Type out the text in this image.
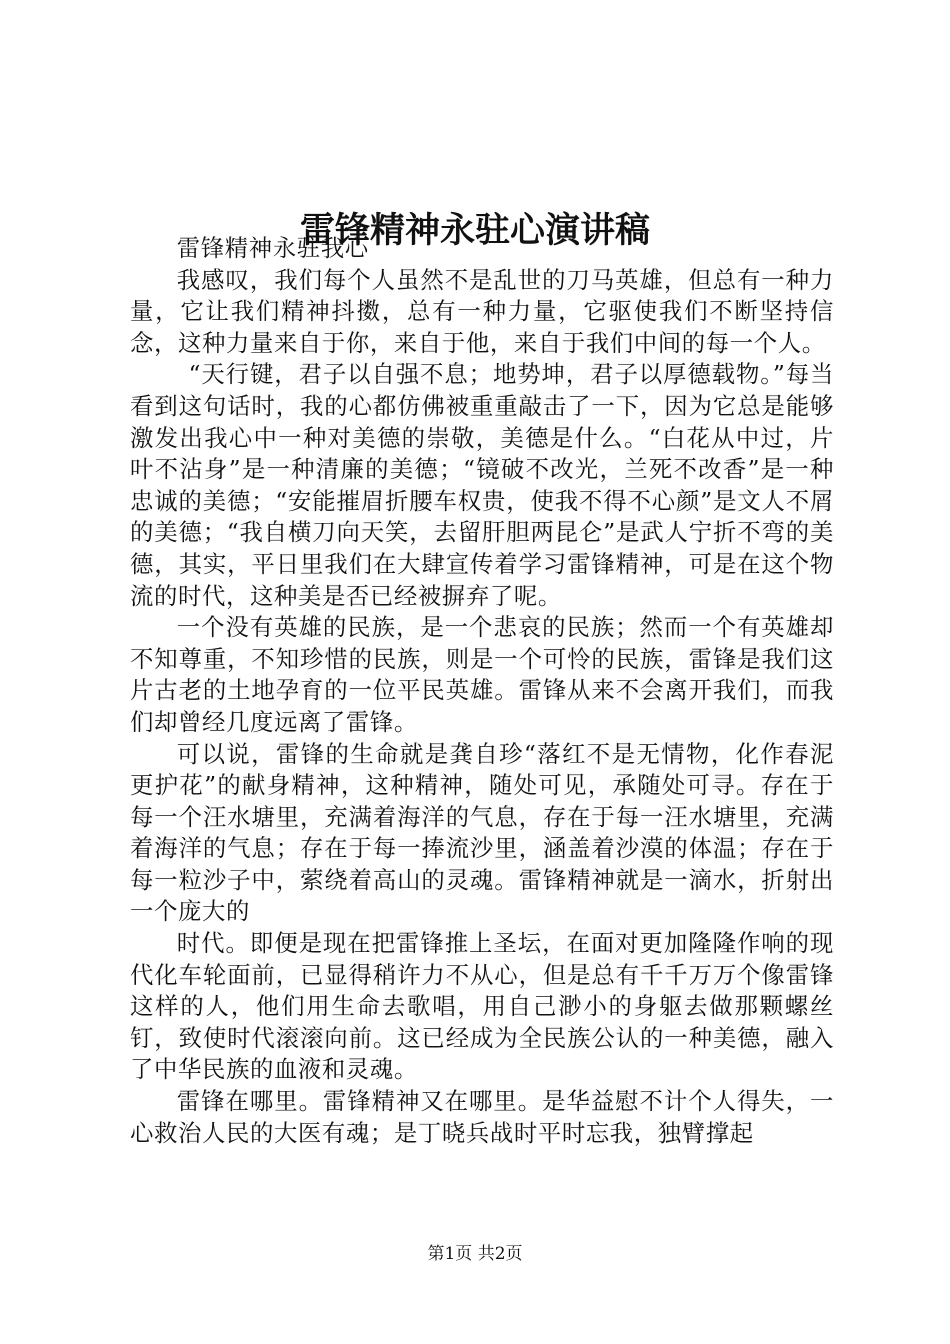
雷锋精神永驻心演讲稿

雷锋精神永驻我心

我感叹，我们每个人虽然不是乱世的刀马英雄，但总有一种力量，它让我们精神抖擞，总有一种力量，它驱使我们不断坚持信念，这种力量来自于你，来自于他，来自于我们中间的每一个人。

“天行键，君子以自强不息；地势坤，君子以厚德载物。”每当看到这句话时，我的心都仿佛被重重敲击了一下，因为它总是能够激发出我心中一种对美德的崇敬，美德是什么。“白花从中过，片叶不沾身”是一种清廉的美德；“镜破不改光，兰死不改香”是一种忠诚的美德；“安能摧眉折腰车权贵，使我不得不心颜”是文人不屑的美德；“我自横刀向天笑，去留肝胆两昆仑”是武人宁折不弯的美德，其实，平日里我们在大肆宣传着学习雷锋精神，可是在这个物流的时代，这种美是否已经被摒弃了呢。

一个没有英雄的民族，是一个悲哀的民族；然而一个有英雄却不知尊重，不知珍惜的民族，则是一个可怜的民族，雷锋是我们这片古老的土地孕育的一位平民英雄。雷锋从来不会离开我们，而我们却曾经几度远离了雷锋。

可以说，雷锋的生命就是龚自珍“落红不是无情物，化作春泥更护花”的献身精神，这种精神，随处可见，承随处可寻。存在于每一个汪水塘里，充满着海洋的气息，存在于每一汪水塘里，充满着海洋的气息；存在于每一捧流沙里，涵盖着沙漠的体温；存在于每一粒沙子中，萦绕着高山的灵魂。雷锋精神就是一滴水，折射出一个庞大的

时代。即便是现在把雷锋推上圣坛，在面对更加隆隆作响的现代化车轮面前，已显得稍许力不从心，但是总有千千万万个像雷锋这样的人，他们用生命去歌唱，用自己渺小的身躯去做那颗螺丝钉，致使时代滚滚向前。这已经成为全民族公认的一种美德，融入了中华民族的血液和灵魂。

雷锋在哪里。雷锋精神又在哪里。是华益慰不计个人得失，一心救治人民的大医有魂；是丁晓兵战时平时忘我，独臂撑起

第1页 共2页
